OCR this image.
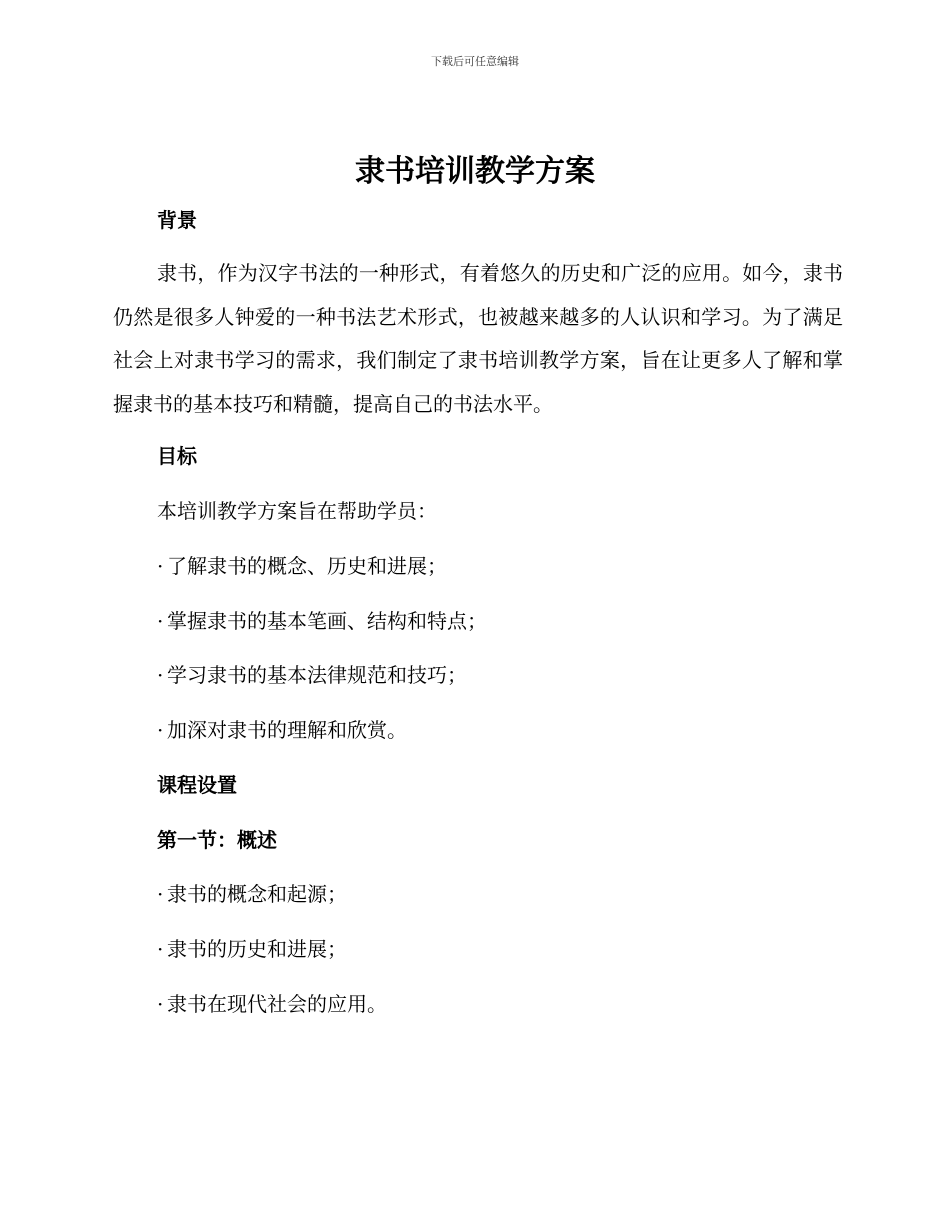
下载后可任意编辑
隶书培训教学方案
背景

隶书，作为汉字书法的一种形式，有着悠久的历史和广泛的应用。如今，隶书仍然是很多人钟爱的一种书法艺术形式，也被越来越多的人认识和学习。为了满足社会上对隶书学习的需求，我们制定了隶书培训教学方案，旨在让更多人了解和掌握隶书的基本技巧和精髓，提高自己的书法水平。

目标

本培训教学方案旨在帮助学员：

· 了解隶书的概念、历史和进展；
· 掌握隶书的基本笔画、结构和特点；
· 学习隶书的基本法律规范和技巧；
· 加深对隶书的理解和欣赏。
课程设置
第一节：概述
· 隶书的概念和起源；
· 隶书的历史和进展；
· 隶书在现代社会的应用。
